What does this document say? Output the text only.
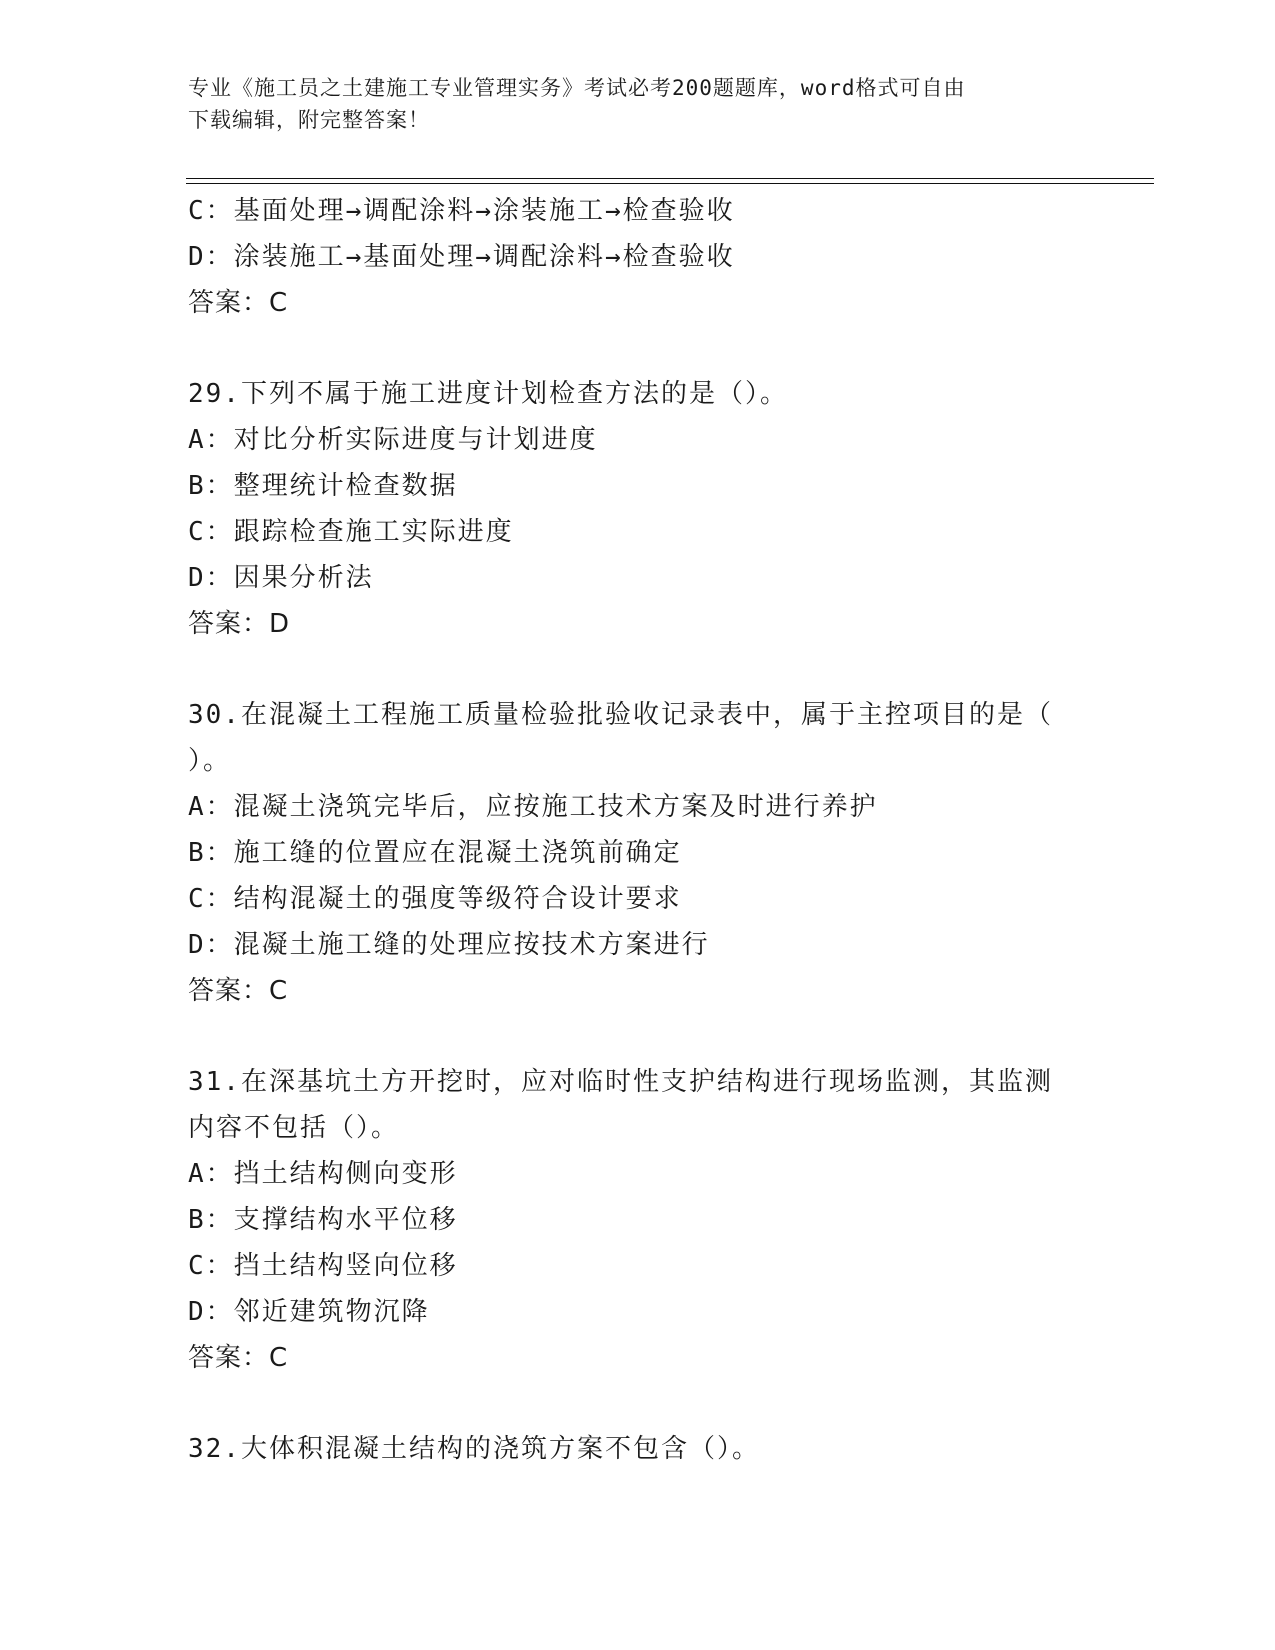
专业《施工员之土建施工专业管理实务》考试必考200题题库，word格式可自由
下载编辑，附完整答案！
C：基面处理→调配涂料→涂装施工→检查验收
D：涂装施工→基面处理→调配涂料→检查验收
答案：C
29.下列不属于施工进度计划检查方法的是（）。
A：对比分析实际进度与计划进度
B：整理统计检查数据
C：跟踪检查施工实际进度
D：因果分析法
答案：D
30.在混凝土工程施工质量检验批验收记录表中，属于主控项目的是（
）。
A：混凝土浇筑完毕后，应按施工技术方案及时进行养护
B：施工缝的位置应在混凝土浇筑前确定
C：结构混凝土的强度等级符合设计要求
D：混凝土施工缝的处理应按技术方案进行
答案：C
31.在深基坑土方开挖时，应对临时性支护结构进行现场监测，其监测
内容不包括（）。
A：挡土结构侧向变形
B：支撑结构水平位移
C：挡土结构竖向位移
D：邻近建筑物沉降
答案：C
32.大体积混凝土结构的浇筑方案不包含（）。
